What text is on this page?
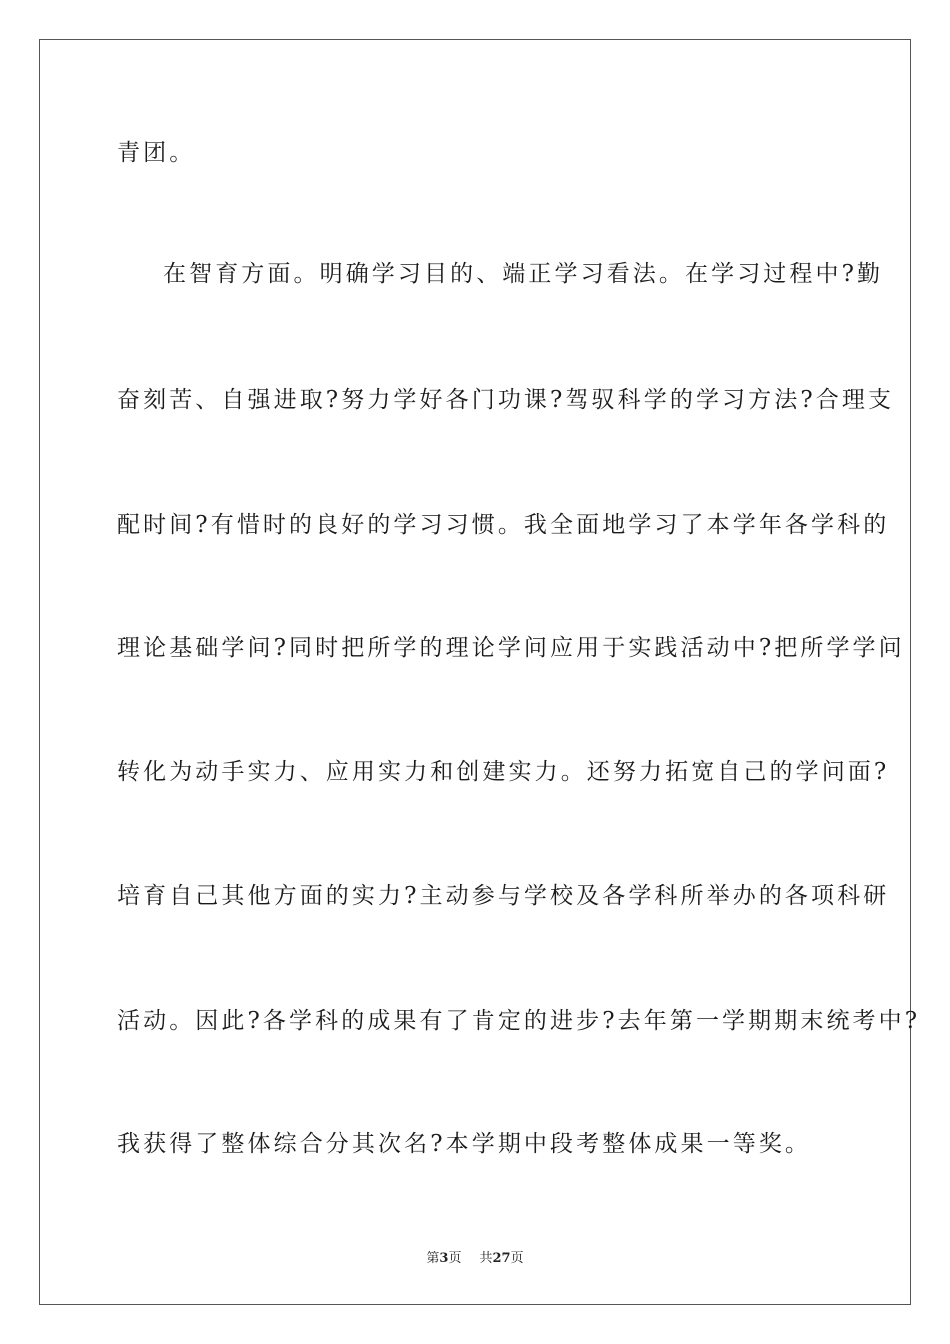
青团。
在智育方面。明确学习目的、端正学习看法。在学习过程中?勤
奋刻苦、自强进取?努力学好各门功课?驾驭科学的学习方法?合理支
配时间?有惜时的良好的学习习惯。我全面地学习了本学年各学科的
理论基础学问?同时把所学的理论学问应用于实践活动中?把所学学问
转化为动手实力、应用实力和创建实力。还努力拓宽自己的学问面?
培育自己其他方面的实力?主动参与学校及各学科所举办的各项科研
活动。因此?各学科的成果有了肯定的进步?去年第一学期期末统考中?
我获得了整体综合分其次名?本学期中段考整体成果一等奖。
第3页 共27页
